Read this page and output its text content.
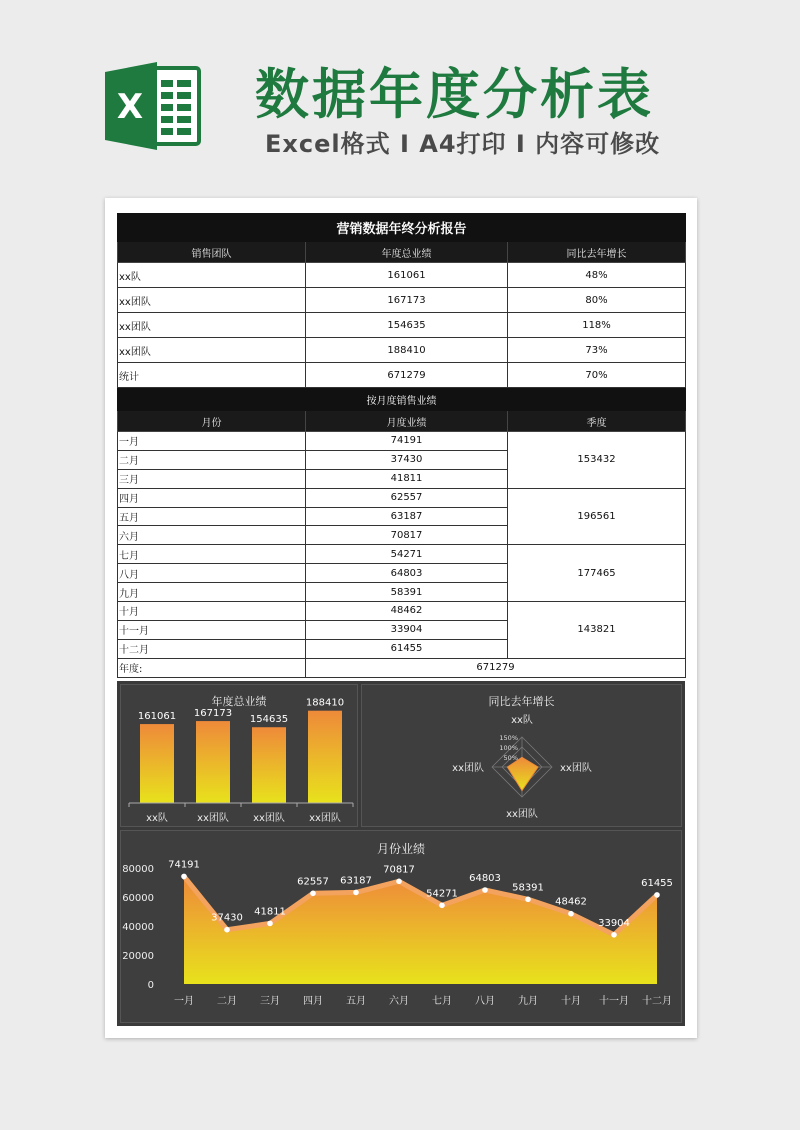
X 数据年度分析表
Excel格式 I A4打印 I 内容可修改
营销数据年终分析报告		
销售团队	年度总业绩	同比去年增长
xx队	161061	48%
xx团队	167173	80%
xx团队	154635	118%
xx团队	188410	73%
统计	671279	70%
按月度销售业绩		
月份	月度业绩	季度
一月	74191	153432
二月	37430	
三月	41811	
四月	62557	196561
五月	63187	
六月	70817	
七月	54271	177465
八月	64803	
九月	58391	
十月	48462	143821
十一月	33904	
十二月	61455	
年度:	671279	
年度总业绩
161061
xx队
167173
xx团队
154635
xx团队
188410
xx团队
同比去年增长
50%
100%
150%
xx队
xx团队
xx团队
xx团队
月份业绩
74191
一月
37430
二月
41811
三月
62557
四月
63187
五月
70817
六月
54271
七月
64803
八月
58391
九月
48462
十月
33904
十一月
61455
十二月
0
20000
40000
60000
80000
